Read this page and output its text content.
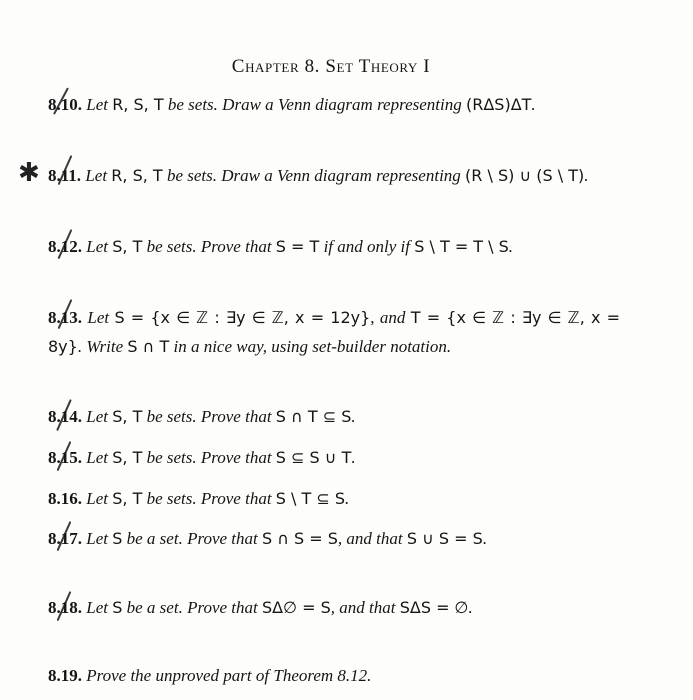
Chapter 8. Set Theory I
✱
8.10. Let R, S, T be sets. Draw a Venn diagram representing (RΔS)ΔT.
8.11. Let R, S, T be sets. Draw a Venn diagram representing (R \ S) ∪ (S \ T).
8.12. Let S, T be sets. Prove that S = T if and only if S \ T = T \ S.
8.13. Let S = {x ∈ ℤ : ∃y ∈ ℤ, x = 12y}, and T = {x ∈ ℤ : ∃y ∈ ℤ, x = 8y}. Write S ∩ T in a nice way, using set-builder notation.
8.14. Let S, T be sets. Prove that S ∩ T ⊆ S.
8.15. Let S, T be sets. Prove that S ⊆ S ∪ T.
8.16. Let S, T be sets. Prove that S \ T ⊆ S.
8.17. Let S be a set. Prove that S ∩ S = S, and that S ∪ S = S.
8.18. Let S be a set. Prove that SΔ∅ = S, and that SΔS = ∅.
8.19. Prove the unproved part of Theorem 8.12.
